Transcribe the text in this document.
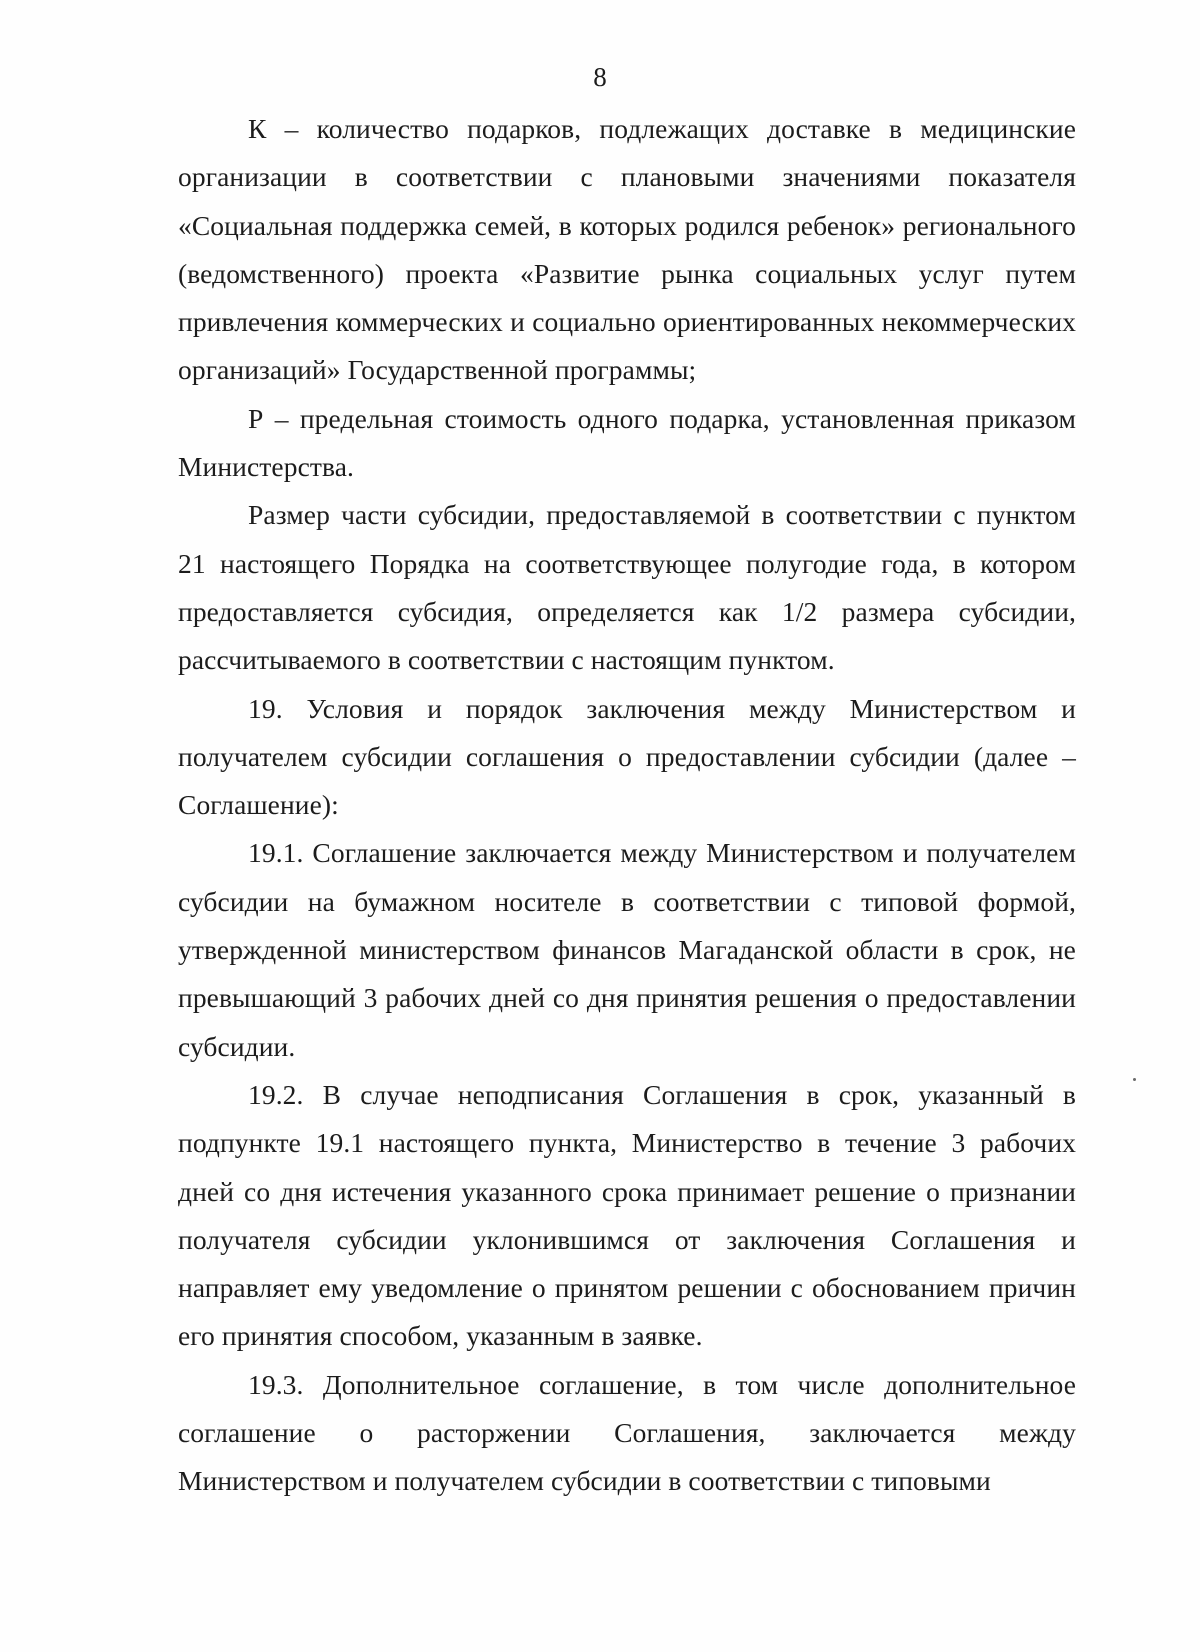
8

К – количество подарков, подлежащих доставке в медицинские организации в соответствии с плановыми значениями показателя «Социальная поддержка семей, в которых родился ребенок» регионального (ведомственного) проекта «Развитие рынка социальных услуг путем привлечения коммерческих и социально ориентированных некоммерческих организаций» Государственной программы;

Р – предельная стоимость одного подарка, установленная приказом Министерства.

Размер части субсидии, предоставляемой в соответствии с пунктом 21 настоящего Порядка на соответствующее полугодие года, в котором предоставляется субсидия, определяется как 1/2 размера субсидии, рассчитываемого в соответствии с настоящим пунктом.

19. Условия и порядок заключения между Министерством и получателем субсидии соглашения о предоставлении субсидии (далее – Соглашение):

19.1. Соглашение заключается между Министерством и получателем субсидии на бумажном носителе в соответствии с типовой формой, утвержденной министерством финансов Магаданской области в срок, не превышающий 3 рабочих дней со дня принятия решения о предоставлении субсидии.

19.2. В случае неподписания Соглашения в срок, указанный в подпункте 19.1 настоящего пункта, Министерство в течение 3 рабочих дней со дня истечения указанного срока принимает решение о признании получателя субсидии уклонившимся от заключения Соглашения и направляет ему уведомление о принятом решении с обоснованием причин его принятия способом, указанным в заявке.

19.3. Дополнительное соглашение, в том числе дополнительное соглашение о расторжении Соглашения, заключается между Министерством и получателем субсидии в соответствии с типовыми
